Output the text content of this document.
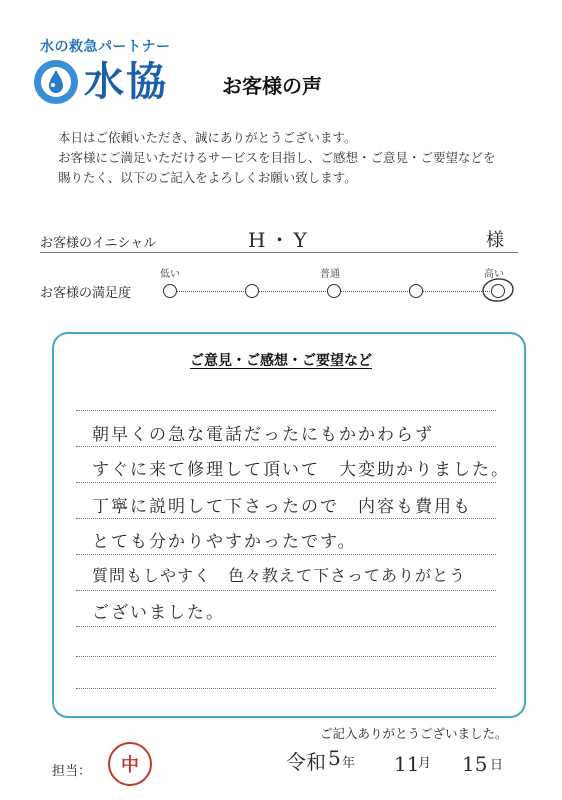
水の救急パートナー
水協	お客様の声
本日はご依頼いただき、誠にありがとうございます。
お客様にご満足いただけるサービスを目指し、ご感想・ご意見・ご要望などを
賜りたく、以下のご記入をよろしくお願い致します。
お客様のイニシャル	H・Y	様
お客様の満足度
低い	普通	高い
ご意見・ご感想・ご要望など
朝早くの急な電話だったにもかかわらず
すぐに来て修理して頂いて　大変助かりました。
丁寧に説明して下さったので　内容も費用も
とても分かりやすかったです。
質問もしやすく　色々教えて下さってありがとう
ございました。
ご記入ありがとうございました。
担当：	中	令和 5 年 11
月 15 日
